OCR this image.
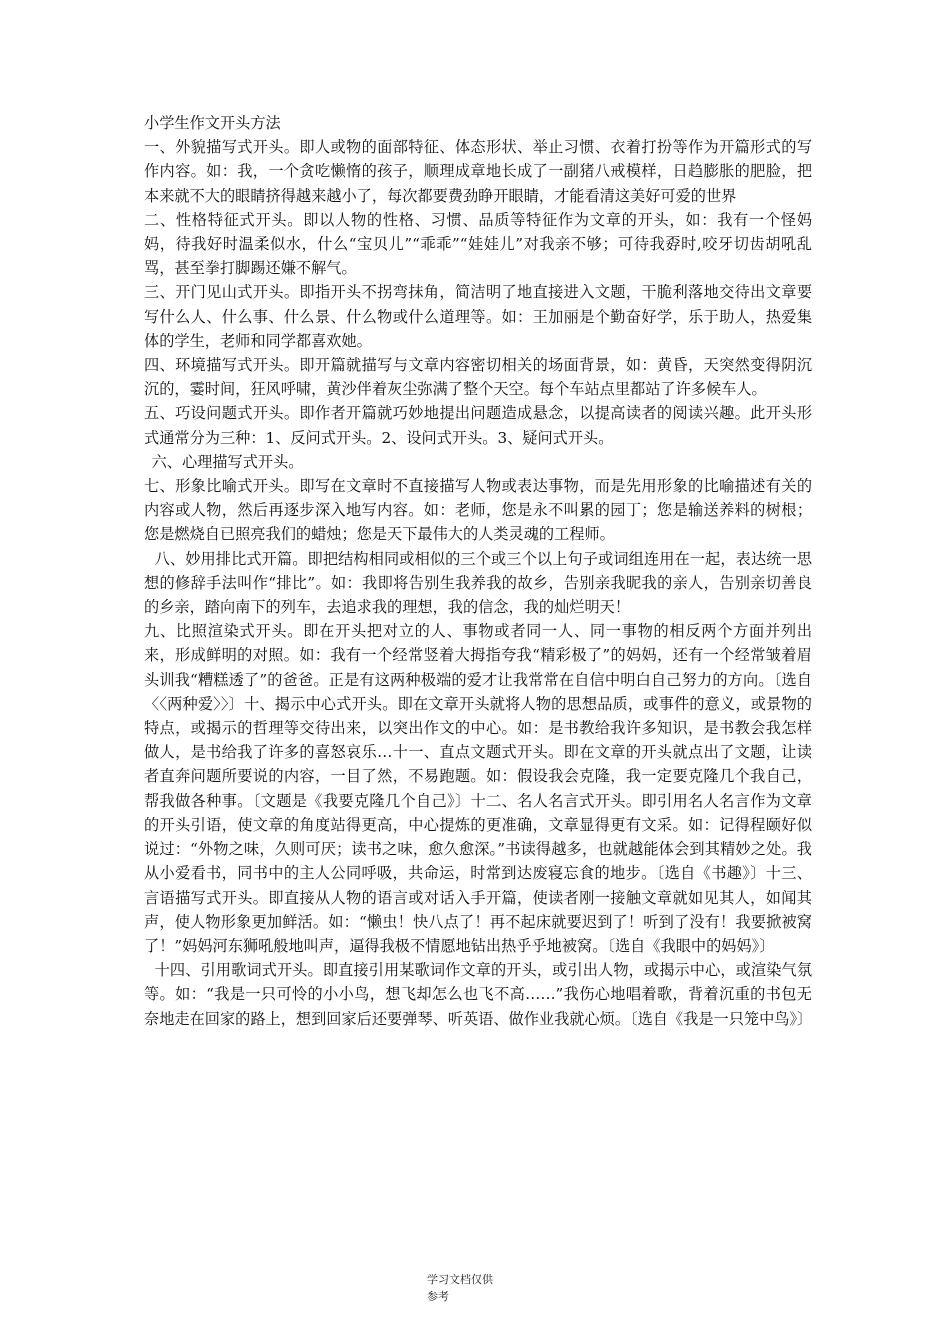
小学生作文开头方法

一、外貌描写式开头。即人或物的面部特征、体态形状、举止习惯、衣着打扮等作为开篇形式的写作内容。如：我，一个贪吃懒惰的孩子，顺理成章地长成了一副猪八戒模样，日趋膨胀的肥脸，把本来就不大的眼睛挤得越来越小了，每次都要费劲睁开眼睛，才能看清这美好可爱的世界

二、性格特征式开头。即以人物的性格、习惯、品质等特征作为文章的开头，如：我有一个怪妈妈，待我好时温柔似水，什么“宝贝儿”“乖乖”“娃娃儿”对我亲不够；可待我孬时,咬牙切齿胡吼乱骂，甚至拳打脚踢还嫌不解气。

三、开门见山式开头。即指开头不拐弯抹角，简洁明了地直接进入文题，干脆利落地交待出文章要写什么人、什么事、什么景、什么物或什么道理等。如：王加丽是个勤奋好学，乐于助人，热爱集体的学生，老师和同学都喜欢她。

四、环境描写式开头。即开篇就描写与文章内容密切相关的场面背景，如：黄昏，天突然变得阴沉沉的，霎时间，狂风呼啸，黄沙伴着灰尘弥满了整个天空。每个车站点里都站了许多候车人。

五、巧设问题式开头。即作者开篇就巧妙地提出问题造成悬念，以提高读者的阅读兴趣。此开头形式通常分为三种：1、反问式开头。2、设问式开头。3、疑问式开头。

六、心理描写式开头。

七、形象比喻式开头。即写在文章时不直接描写人物或表达事物，而是先用形象的比喻描述有关的内容或人物，然后再逐步深入地写内容。如：老师，您是永不叫累的园丁；您是输送养料的树根；您是燃烧自已照亮我们的蜡烛；您是天下最伟大的人类灵魂的工程师。

八、妙用排比式开篇。即把结构相同或相似的三个或三个以上句子或词组连用在一起，表达统一思想的修辞手法叫作“排比”。如：我即将告别生我养我的故乡，告别亲我昵我的亲人，告别亲切善良的乡亲，踏向南下的列车，去追求我的理想，我的信念，我的灿烂明天！

九、比照渲染式开头。即在开头把对立的人、事物或者同一人、同一事物的相反两个方面并列出来，形成鲜明的对照。如：我有一个经常竖着大拇指夸我“精彩极了”的妈妈，还有一个经常皱着眉头训我“糟糕透了”的爸爸。正是有这两种极端的爱才让我常常在自信中明白自己努力的方向。〔选自〈〈两种爱〉〉〕十、揭示中心式开头。即在文章开头就将人物的思想品质，或事件的意义，或景物的特点，或揭示的哲理等交待出来，以突出作文的中心。如：是书教给我许多知识，是书教会我怎样做人，是书给我了许多的喜怒哀乐…十一、直点文题式开头。即在文章的开头就点出了文题，让读者直奔问题所要说的内容，一目了然，不易跑题。如：假设我会克隆，我一定要克隆几个我自己，帮我做各种事。〔文题是《我要克隆几个自己》〕十二、名人名言式开头。即引用名人名言作为文章的开头引语，使文章的角度站得更高，中心提炼的更准确，文章显得更有文采。如：记得程颐好似说过：“外物之味，久则可厌；读书之味，愈久愈深。”书读得越多，也就越能体会到其精妙之处。我从小爱看书，同书中的主人公同呼吸，共命运，时常到达废寝忘食的地步。〔选自《书趣》〕十三、言语描写式开头。即直接从人物的语言或对话入手开篇，使读者刚一接触文章就如见其人，如闻其声，使人物形象更加鲜活。如：“懒虫！快八点了！再不起床就要迟到了！听到了没有！我要掀被窝了！”妈妈河东狮吼般地叫声，逼得我极不情愿地钻出热乎乎地被窝。〔选自《我眼中的妈妈》〕

十四、引用歌词式开头。即直接引用某歌词作文章的开头，或引出人物，或揭示中心，或渲染气氛等。如：“我是一只可怜的小小鸟，想飞却怎么也飞不高……”我伤心地唱着歌，背着沉重的书包无奈地走在回家的路上，想到回家后还要弹琴、听英语、做作业我就心烦。〔选自《我是一只笼中鸟》〕

学习文档仅供参考
